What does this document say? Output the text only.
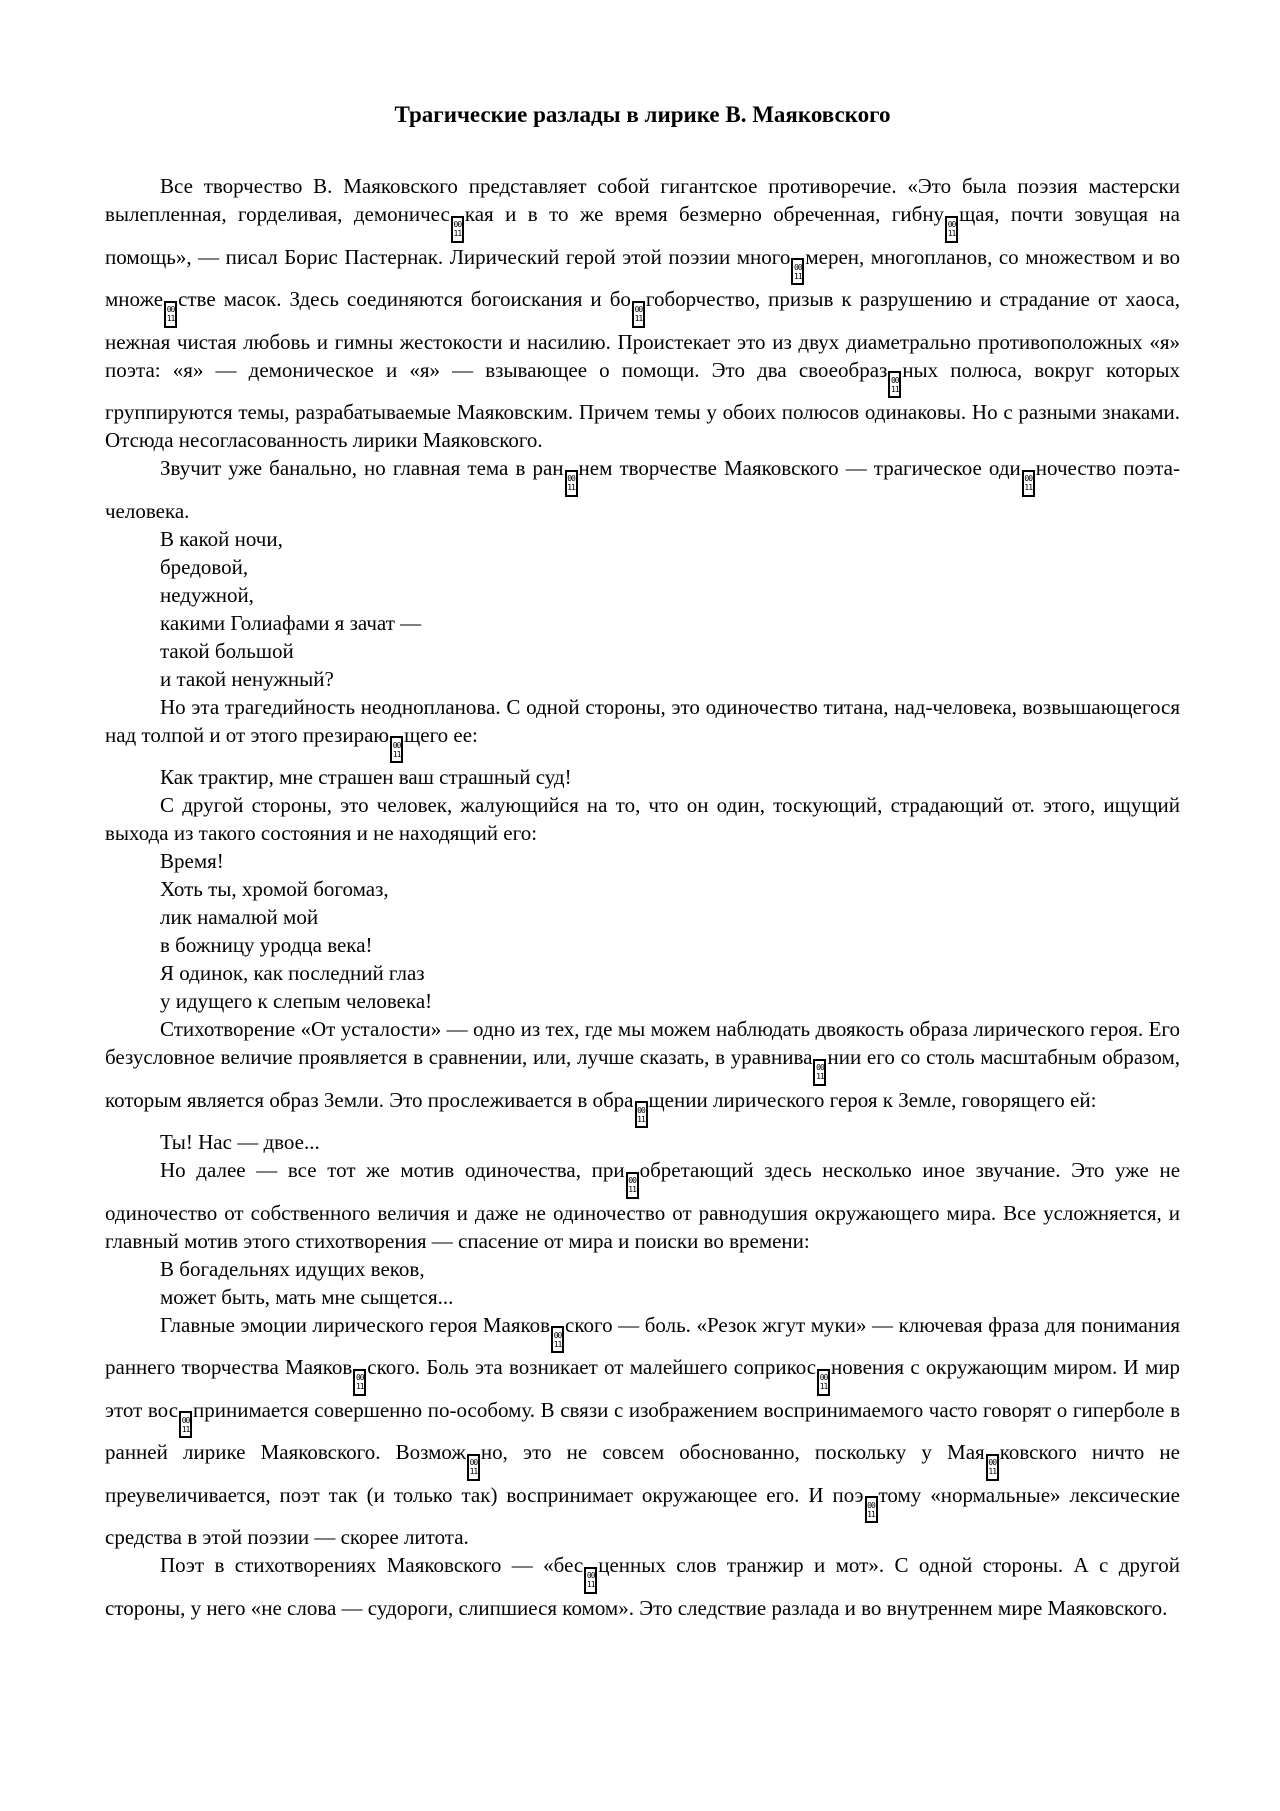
Трагические разлады в лирике В. Маяковского

Все творчество В. Маяковского представляет собой гигантское противоречие. «Это была поэзия мастерски вылепленная, горделивая, демоничес 00
11
кая и в то же время безмерно обреченная, гибну 00
11
щая, почти зовущая на помощь», — писал Борис Пастернак. Лирический герой этой поэзии много 00
11
мерен, многопланов, со множеством и во множе 00
11
стве масок. Здесь соединяются богоискания и бо 00
11
гоборчество, призыв к разрушению и страдание от хаоса, нежная чистая любовь и гимны жестокости и насилию. Проистекает это из двух диаметрально противоположных «я» поэта: «я» — демоническое и «я» — взывающее о помощи. Это два своеобраз 00
11
ных полюса, вокруг которых группируются темы, разрабатываемые Маяковским. Причем темы у обоих полюсов одинаковы. Но с разными знаками. Отсюда несогласованность лирики Маяковского.

Звучит уже банально, но главная тема в ран 00
11
нем творчестве Маяковского — трагическое оди 00
11
ночество поэта-человека.

В какой ночи,
бредовой,
недужной,
какими Голиафами я зачат —
такой большой
и такой ненужный?

Но эта трагедийность неоднопланова. С одной стороны, это одиночество титана, над-человека, возвышающегося над толпой и от этого презираю 00
11
щего ее:

Как трактир, мне страшен ваш страшный суд!

С другой стороны, это человек, жалующийся на то, что он один, тоскующий, страдающий от. этого, ищущий выхода из такого состояния и не находящий его:

Время!
Хоть ты, хромой богомаз,
лик намалюй мой
в божницу уродца века!
Я одинок, как последний глаз
у идущего к слепым человека!

Стихотворение «От усталости» — одно из тех, где мы можем наблюдать двоякость образа лирического героя. Его безусловное величие проявляется в сравнении, или, лучше сказать, в уравнива 00
11
нии его со столь масштабным образом, которым является образ Земли. Это прослеживается в обра 00
11
щении лирического героя к Земле, говорящего ей:

Ты! Нас — двое...

Но далее — все тот же мотив одиночества, при 00
11
обретающий здесь несколько иное звучание. Это уже не одиночество от собственного величия и даже не одиночество от равнодушия окружающего мира. Все усложняется, и главный мотив этого стихотворения — спасение от мира и поиски во времени:

В богадельнях идущих веков,
может быть, мать мне сыщется...

Главные эмоции лирического героя Маяков 00
11
ского — боль. «Резок жгут муки» — ключевая фраза для понимания раннего творчества Маяков 00
11
ского. Боль эта возникает от малейшего соприкос 00
11
новения с окружающим миром. И мир этот вос 00
11
принимается совершенно по-особому. В связи с изображением воспринимаемого часто говорят о гиперболе в ранней лирике Маяковского. Возмож 00
11
но, это не совсем обоснованно, поскольку у Мая 00
11
ковского ничто не преувеличивается, поэт так (и только так) воспринимает окружающее его. И поэ 00
11
тому «нормальные» лексические средства в этой поэзии — скорее литота.

Поэт в стихотворениях Маяковского — «бес 00
11
ценных слов транжир и мот». С одной стороны. А с другой стороны, у него «не слова — судороги, слипшиеся комом». Это следствие разлада и во внутреннем мире Маяковского.
